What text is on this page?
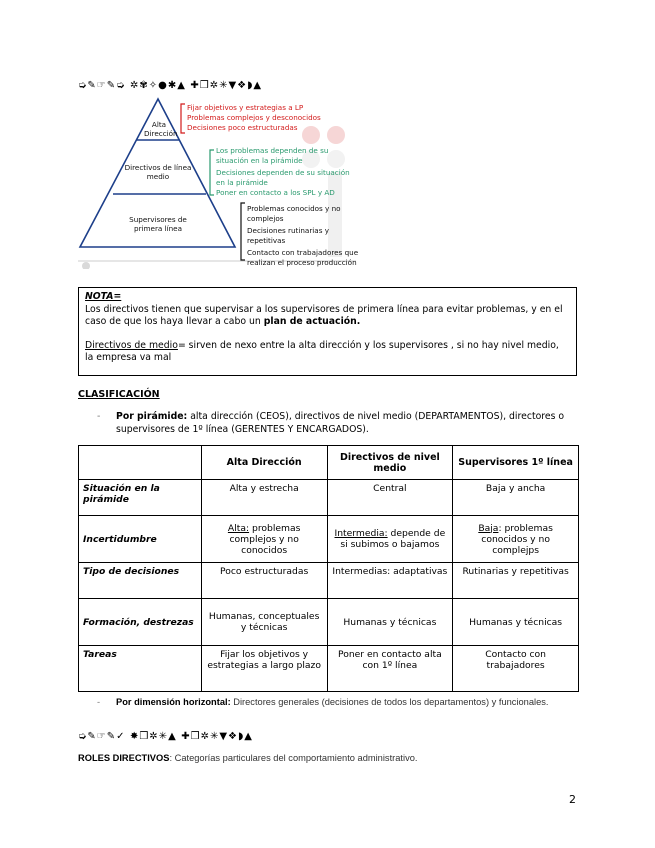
➭✎☞✎➭ ✲✾✧●✱▲ ✚❒✲✳▼❖◗▲
Alta Dirección
Directivos de línea medio
Supervisores de primera línea
Fijar objetivos y estrategias a LP
Problemas complejos y desconocidos
Decisiones poco estructuradas
Los problemas dependen de su
situación en la pirámide
Decisiones dependen de su situación
en la pirámide
Poner en contacto a los SPL y AD
Problemas conocidos y no
complejos
Decisiones rutinarias y
repetitivas
Contacto con trabajadores que
realizan el proceso producción
NOTA=
Los directivos tienen que supervisar a los supervisores de primera línea para evitar problemas, y en el caso de que los haya llevar a cabo un plan de actuación.
Directivos de medio= sirven de nexo entre la alta dirección y los supervisores , si no hay nivel medio, la empresa va mal
CLASIFICACIÓN
- Por pirámide: alta dirección (CEOS), directivos de nivel medio (DEPARTAMENTOS), directores o supervisores de 1º línea (GERENTES Y ENCARGADOS).
	Alta Dirección	Directivos de nivel medio	Supervisores 1º línea
Situación en la pirámide	Alta y estrecha	Central	Baja y ancha
Incertidumbre	Alta: problemas complejos y no conocidos	Intermedia: depende de si subimos o bajamos	Baja: problemas conocidos y no complejps
Tipo de decisiones	Poco estructuradas	Intermedias: adaptativas	Rutinarias y repetitivas
Formación, destrezas	Humanas, conceptuales y técnicas	Humanas y técnicas	Humanas y técnicas
Tareas	Fijar los objetivos y estrategias a largo plazo	Poner en contacto alta con 1º línea	Contacto con trabajadores
- Por dimensión horizontal: Directores generales (decisiones de todos los departamentos) y funcionales.
➭✎☞✎✓ ✸❒✲✳▲ ✚❒✲✳▼❖◗▲
ROLES DIRECTIVOS: Categorías particulares del comportamiento administrativo.
2
